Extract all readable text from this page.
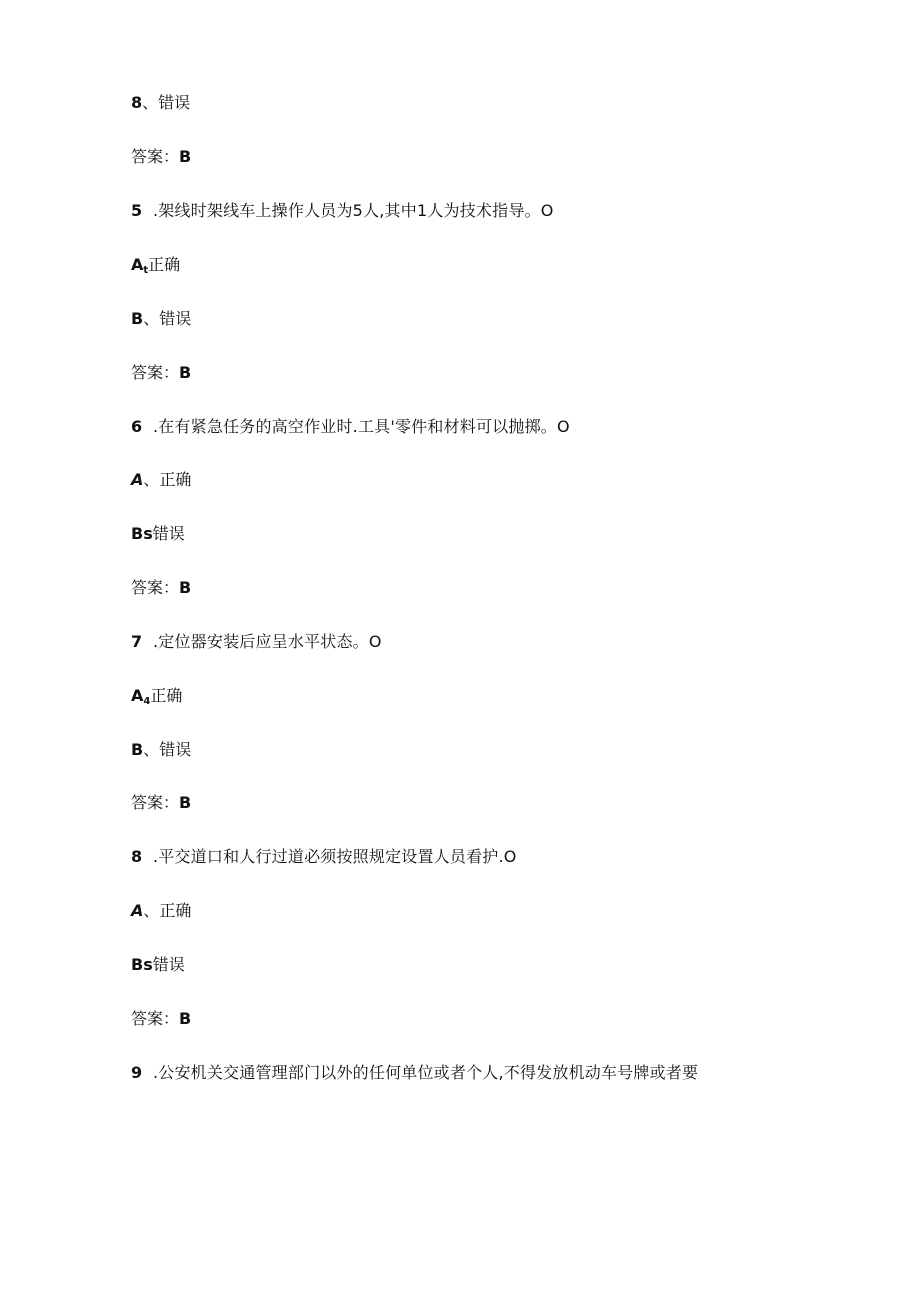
8、错误

答案：B

5 .架线时架线车上操作人员为5人,其中1人为技术指导。O

$A_t$正确

B、错误

答案：B

6 .在有紧急任务的高空作业时.工具'零件和材料可以抛掷。O

A、正确

Bs错误

答案：B

7 .定位器安装后应呈水平状态。O

$A_4$正确

B、错误

答案：B

8 .平交道口和人行过道必须按照规定设置人员看护.O

A、正确

Bs错误

答案：B

9 .公安机关交通管理部门以外的任何单位或者个人,不得发放机动车号牌或者要
